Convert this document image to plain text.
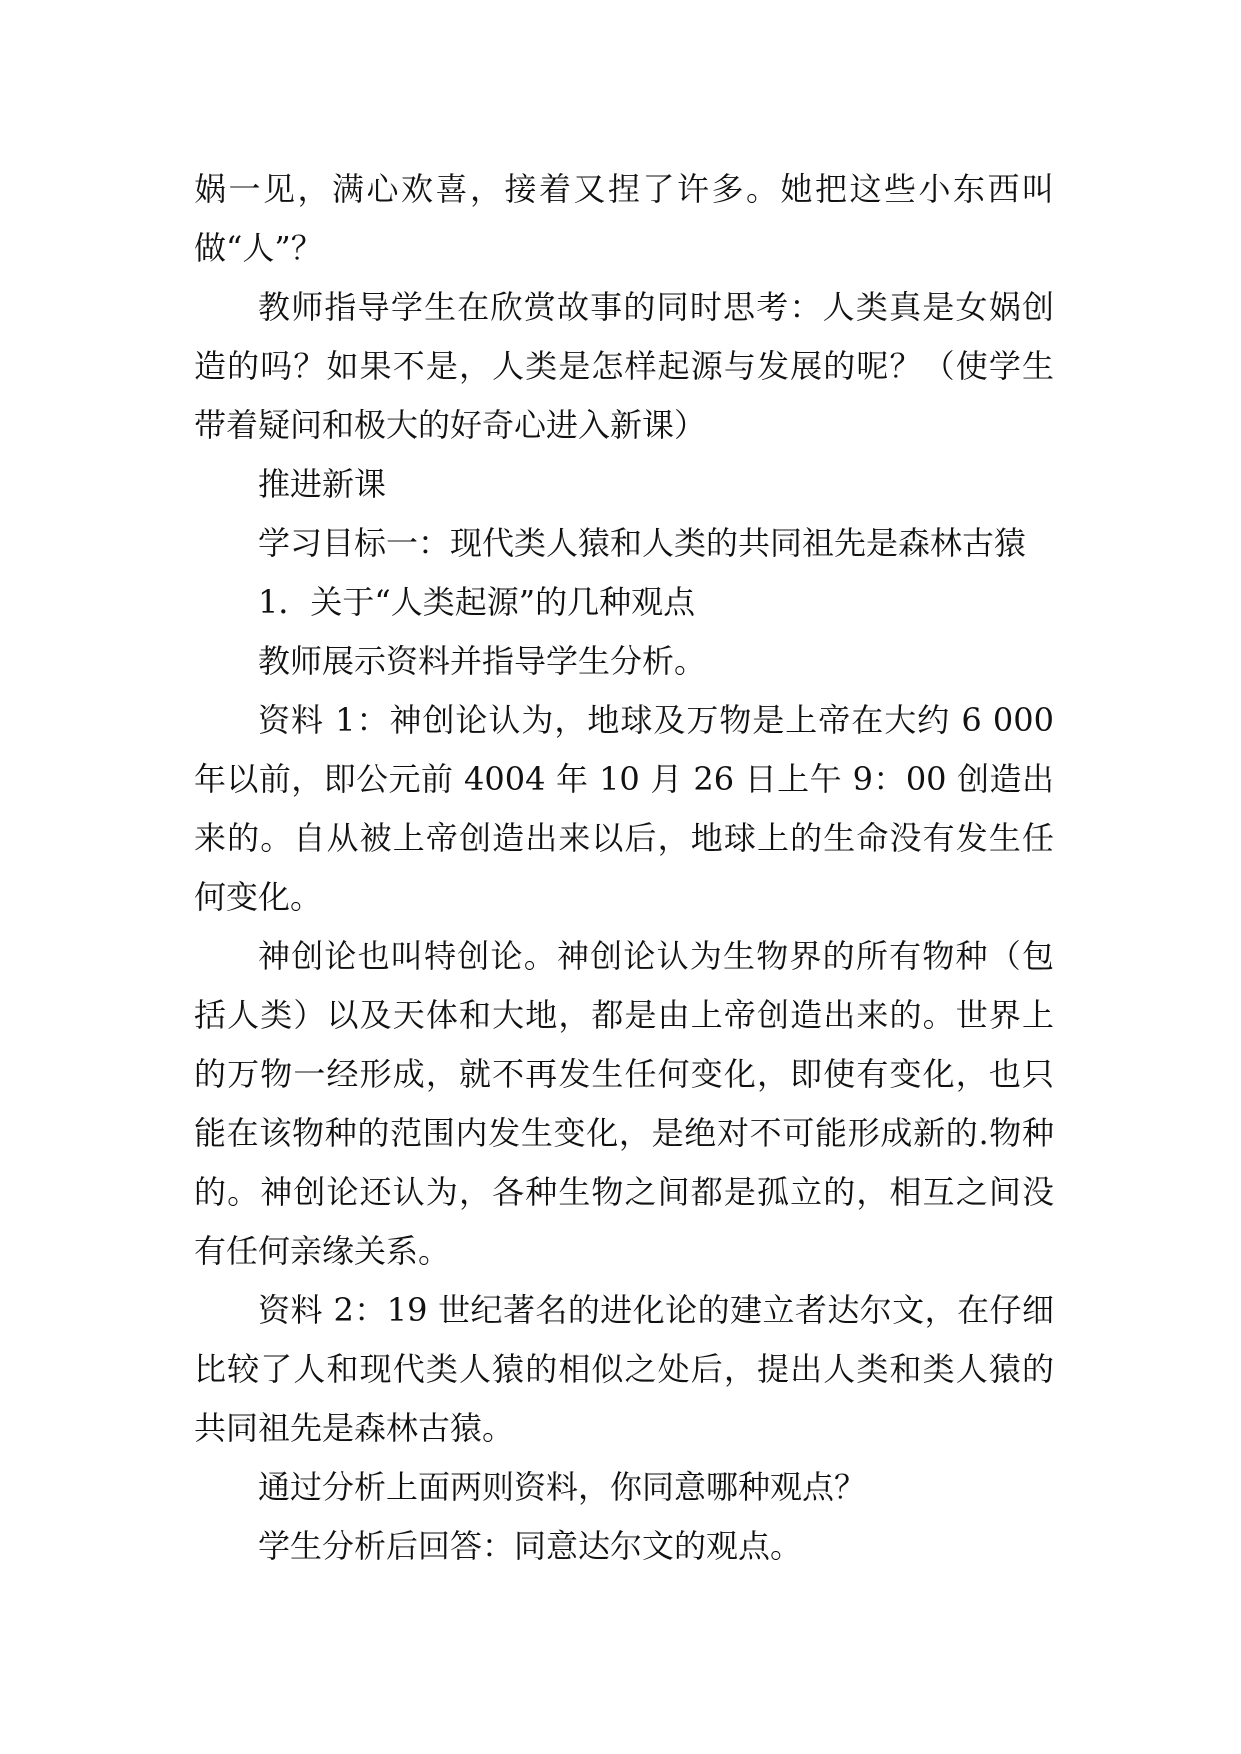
娲一见，满心欢喜，接着又捏了许多。她把这些小东西叫做“人”？

教师指导学生在欣赏故事的同时思考：人类真是女娲创造的吗？如果不是，人类是怎样起源与发展的呢？（使学生带着疑问和极大的好奇心进入新课）

推进新课

学习目标一：现代类人猿和人类的共同祖先是森林古猿

1．关于“人类起源”的几种观点

教师展示资料并指导学生分析。

资料 1：神创论认为，地球及万物是上帝在大约 6 000 年以前，即公元前 4004 年 10 月 26 日上午 9：00 创造出来的。自从被上帝创造出来以后，地球上的生命没有发生任何变化。

神创论也叫特创论。神创论认为生物界的所有物种（包括人类）以及天体和大地，都是由上帝创造出来的。世界上的万物一经形成，就不再发生任何变化，即使有变化，也只能在该物种的范围内发生变化，是绝对不可能形成新的.物种的。神创论还认为，各种生物之间都是孤立的，相互之间没有任何亲缘关系。

资料 2：19 世纪著名的进化论的建立者达尔文，在仔细比较了人和现代类人猿的相似之处后，提出人类和类人猿的共同祖先是森林古猿。

通过分析上面两则资料，你同意哪种观点？

学生分析后回答：同意达尔文的观点。
